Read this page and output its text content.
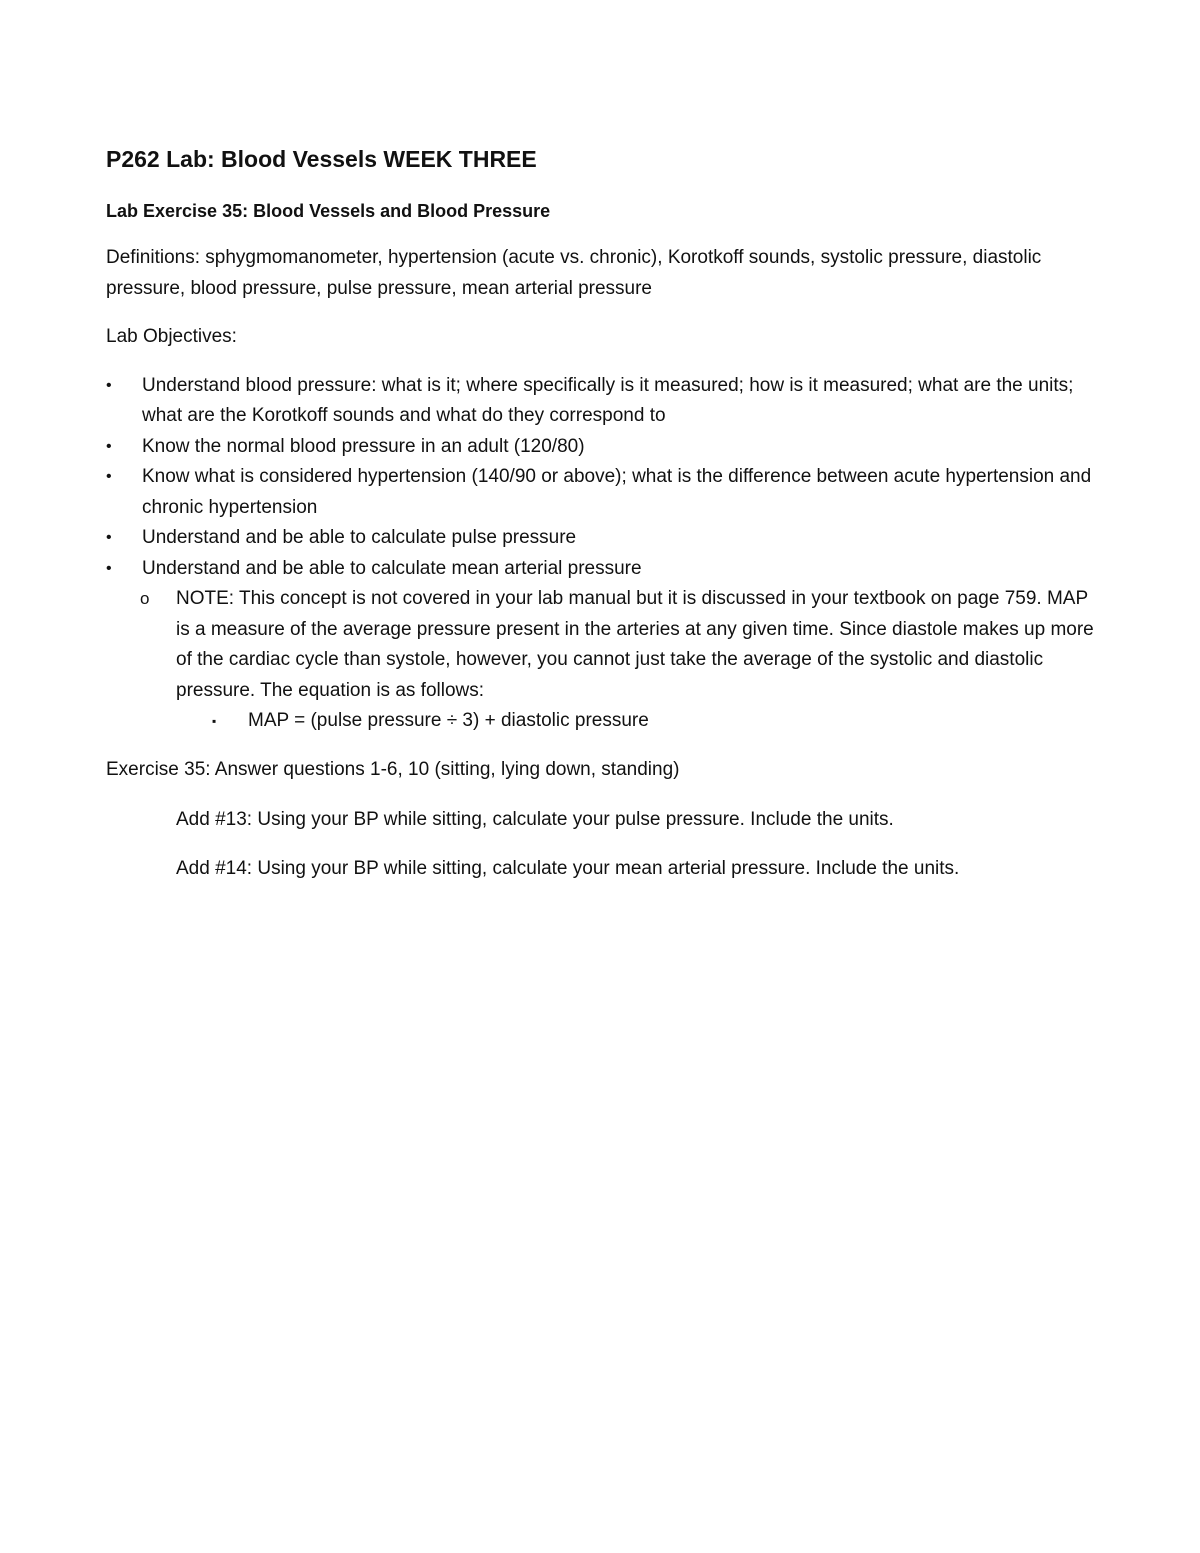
P262 Lab: Blood Vessels WEEK THREE
Lab Exercise 35: Blood Vessels and Blood Pressure
Definitions: sphygmomanometer, hypertension (acute vs. chronic), Korotkoff sounds, systolic pressure, diastolic pressure, blood pressure, pulse pressure, mean arterial pressure
Lab Objectives:
•	Understand blood pressure: what is it; where specifically is it measured; how is it measured; what are the units; what are the Korotkoff sounds and what do they correspond to
•	Know the normal blood pressure in an adult (120/80)
•	Know what is considered hypertension (140/90 or above); what is the difference between acute hypertension and chronic hypertension
•	Understand and be able to calculate pulse pressure
•	Understand and be able to calculate mean arterial pressure
o NOTE: This concept is not covered in your lab manual but it is discussed in your textbook on page 759. MAP is a measure of the average pressure present in the arteries at any given time. Since diastole makes up more of the cardiac cycle than systole, however, you cannot just take the average of the systolic and diastolic pressure. The equation is as follows:
▪ MAP = (pulse pressure ÷ 3) + diastolic pressure
Exercise 35: Answer questions 1-6, 10 (sitting, lying down, standing)
Add #13: Using your BP while sitting, calculate your pulse pressure. Include the units.
Add #14: Using your BP while sitting, calculate your mean arterial pressure. Include the units.
